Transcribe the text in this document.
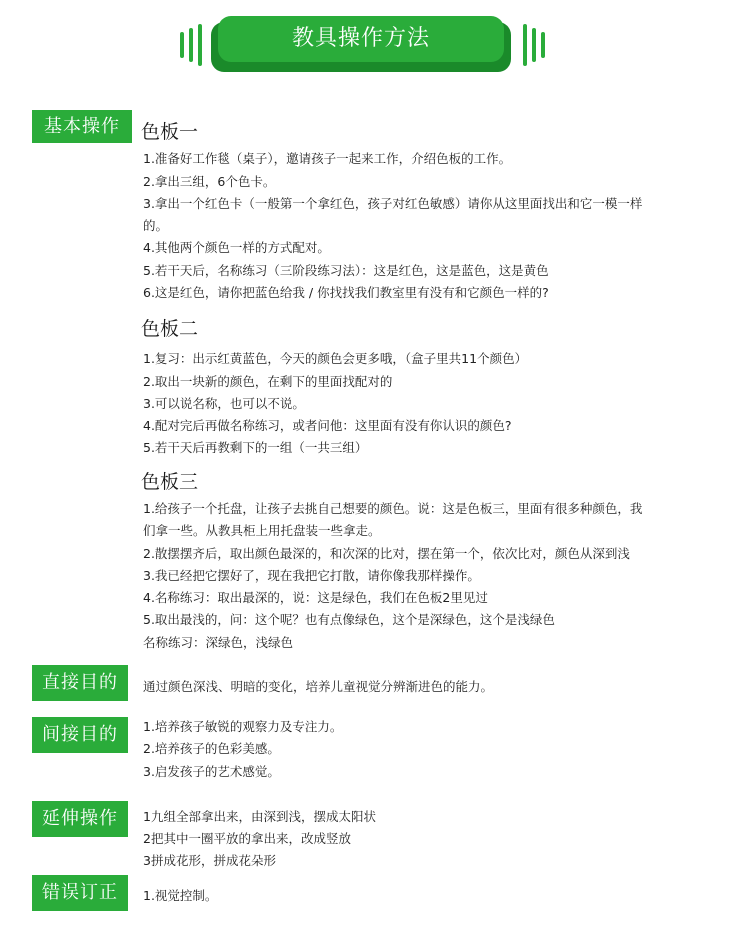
教具操作方法
基本操作	色板一
1.准备好工作毯（桌子），邀请孩子一起来工作，介绍色板的工作。
2.拿出三组，6个色卡。
3.拿出一个红色卡（一般第一个拿红色，孩子对红色敏感）请你从这里面找出和它一模一样
的。
4.其他两个颜色一样的方式配对。
5.若干天后，名称练习（三阶段练习法）：这是红色，这是蓝色，这是黄色
6.这是红色，请你把蓝色给我 / 你找找我们教室里有没有和它颜色一样的?
色板二
1.复习：出示红黄蓝色，今天的颜色会更多哦，（盒子里共11个颜色）
2.取出一块新的颜色，在剩下的里面找配对的
3.可以说名称，也可以不说。
4.配对完后再做名称练习，或者问他：这里面有没有你认识的颜色?
5.若干天后再教剩下的一组（一共三组）
色板三
1.给孩子一个托盘，让孩子去挑自己想要的颜色。说：这是色板三，里面有很多种颜色，我
们拿一些。从教具柜上用托盘装一些拿走。
2.散摆摆齐后，取出颜色最深的，和次深的比对，摆在第一个，依次比对，颜色从深到浅
3.我已经把它摆好了，现在我把它打散，请你像我那样操作。
4.名称练习：取出最深的，说：这是绿色，我们在色板2里见过
5.取出最浅的，问：这个呢？也有点像绿色，这个是深绿色，这个是浅绿色
名称练习：深绿色，浅绿色
直接目的	通过颜色深浅、明暗的变化，培养儿童视觉分辨渐进色的能力。
间接目的	1.培养孩子敏锐的观察力及专注力。
2.培养孩子的色彩美感。
3.启发孩子的艺术感觉。
延伸操作	1九组全部拿出来，由深到浅，摆成太阳状
2把其中一圈平放的拿出来，改成竖放
3拼成花形，拼成花朵形
错误订正	1.视觉控制。
